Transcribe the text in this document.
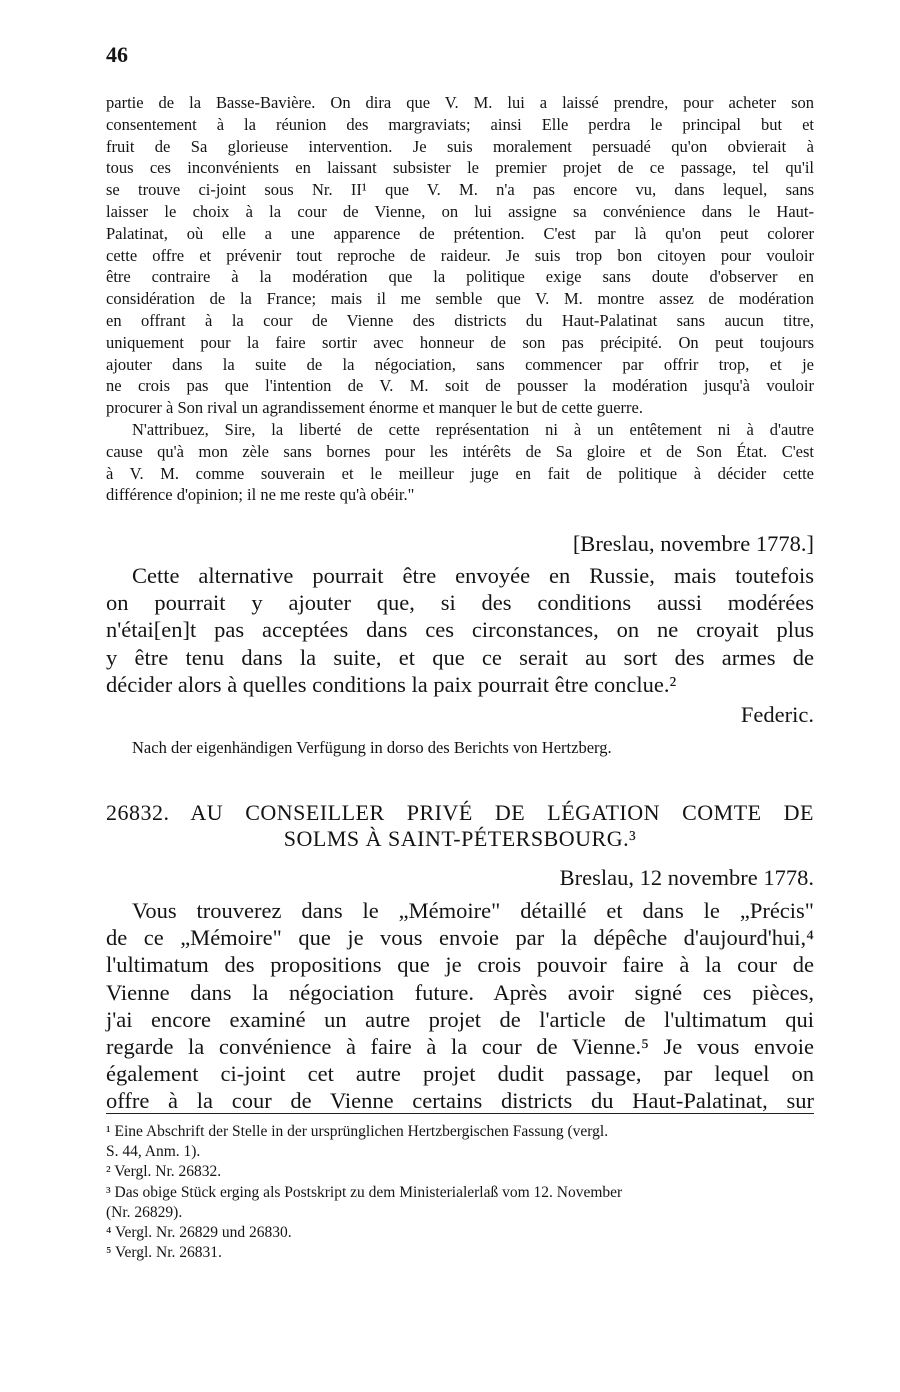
46
partie de la Basse-Bavière. On dira que V. M. lui a laissé prendre, pour acheter son
consentement à la réunion des margraviats; ainsi Elle perdra le principal but et
fruit de Sa glorieuse intervention. Je suis moralement persuadé qu'on obvierait à
tous ces inconvénients en laissant subsister le premier projet de ce passage, tel qu'il
se trouve ci-joint sous Nr. II¹ que V. M. n'a pas encore vu, dans lequel, sans
laisser le choix à la cour de Vienne, on lui assigne sa convénience dans le Haut-
Palatinat, où elle a une apparence de prétention. C'est par là qu'on peut colorer
cette offre et prévenir tout reproche de raideur. Je suis trop bon citoyen pour vouloir
être contraire à la modération que la politique exige sans doute d'observer en
considération de la France; mais il me semble que V. M. montre assez de modération
en offrant à la cour de Vienne des districts du Haut-Palatinat sans aucun titre,
uniquement pour la faire sortir avec honneur de son pas précipité. On peut toujours
ajouter dans la suite de la négociation, sans commencer par offrir trop, et je
ne crois pas que l'intention de V. M. soit de pousser la modération jusqu'à vouloir
procurer à Son rival un agrandissement énorme et manquer le but de cette guerre.
N'attribuez, Sire, la liberté de cette représentation ni à un entêtement ni à d'autre
cause qu'à mon zèle sans bornes pour les intérêts de Sa gloire et de Son État. C'est
à V. M. comme souverain et le meilleur juge en fait de politique à décider cette
différence d'opinion; il ne me reste qu'à obéir."
[Breslau, novembre 1778.]
Cette alternative pourrait être envoyée en Russie, mais toutefois
on pourrait y ajouter que, si des conditions aussi modérées
n'étai[en]t pas acceptées dans ces circonstances, on ne croyait plus
y être tenu dans la suite, et que ce serait au sort des armes de
décider alors à quelles conditions la paix pourrait être conclue.²
Federic.
Nach der eigenhändigen Verfügung in dorso des Berichts von Hertzberg.
26832. AU CONSEILLER PRIVÉ DE LÉGATION COMTE DE
SOLMS À SAINT-PÉTERSBOURG.³
Breslau, 12 novembre 1778.
Vous trouverez dans le „Mémoire" détaillé et dans le „Précis"
de ce „Mémoire" que je vous envoie par la dépêche d'aujourd'hui,⁴
l'ultimatum des propositions que je crois pouvoir faire à la cour de
Vienne dans la négociation future. Après avoir signé ces pièces,
j'ai encore examiné un autre projet de l'article de l'ultimatum qui
regarde la convénience à faire à la cour de Vienne.⁵ Je vous envoie
également ci-joint cet autre projet dudit passage, par lequel on
offre à la cour de Vienne certains districts du Haut-Palatinat, sur
¹ Eine Abschrift der Stelle in der ursprünglichen Hertzbergischen Fassung (vergl.
S. 44, Anm. 1).
² Vergl. Nr. 26832.
³ Das obige Stück erging als Postskript zu dem Ministerialerlaß vom 12. November
(Nr. 26829).
⁴ Vergl. Nr. 26829 und 26830.
⁵ Vergl. Nr. 26831.
